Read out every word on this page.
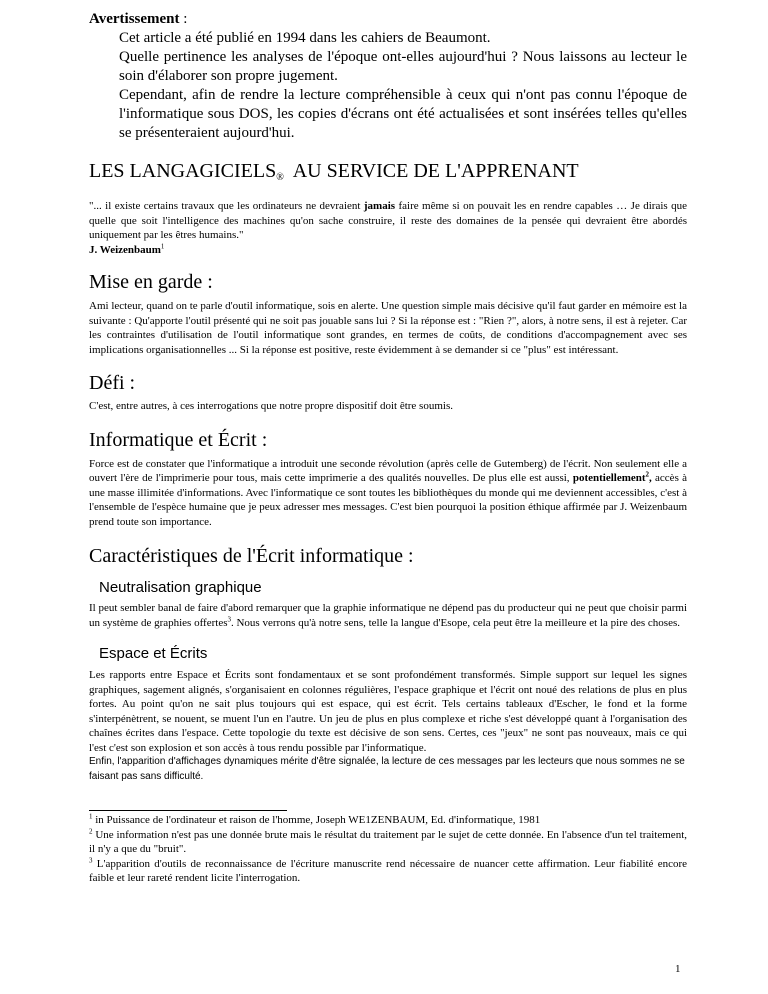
Avertissement :

Cet article a été publié en 1994 dans les cahiers de Beaumont.

Quelle pertinence les analyses de l'époque ont-elles aujourd'hui ? Nous laissons au lecteur le soin d'élaborer son propre jugement.

Cependant, afin de rendre la lecture compréhensible à ceux qui n'ont pas connu l'époque de l'informatique sous DOS, les copies d'écrans ont été actualisées et sont insérées telles qu'elles se présenteraient aujourd'hui.

LES LANGAGICIELS®  AU SERVICE DE L'APPRENANT

"... il existe certains travaux que les ordinateurs ne devraient jamais faire même si on pouvait les en rendre capables … Je dirais que quelle que soit l'intelligence des machines qu'on sache construire, il reste des domaines de la pensée qui devraient être abordés uniquement par les êtres humains."

J. Weizenbaum$^1$

Mise en garde :

Ami lecteur, quand on te parle d'outil informatique, sois en alerte. Une question simple mais décisive qu'il faut garder en mémoire est la suivante : Qu'apporte l'outil présenté qui ne soit pas jouable sans lui ? Si la réponse est : "Rien ?", alors, à notre sens, il est à rejeter. Car les contraintes d'utilisation de l'outil informatique sont grandes, en termes de coûts, de conditions d'accompagnement avec ses implications organisationnelles ... Si la réponse est positive, reste évidemment à se demander si ce "plus" est intéressant.

Défi :

C'est, entre autres, à ces interrogations que notre propre dispositif doit être soumis.

Informatique et Écrit :

Force est de constater que l'informatique a introduit une seconde révolution (après celle de Gutemberg) de l'écrit. Non seulement elle a ouvert l'ère de l'imprimerie pour tous, mais cette imprimerie a des qualités nouvelles. De plus elle est aussi, potentiellement$^2$, accès à une masse illimitée d'informations. Avec l'informatique ce sont toutes les bibliothèques du monde qui me deviennent accessibles, c'est à l'ensemble de l'espèce humaine que je peux adresser mes messages. C'est bien pourquoi la position éthique affirmée par J. Weizenbaum prend toute son importance.

Caractéristiques de l'Écrit informatique :
Neutralisation graphique

Il peut sembler banal de faire d'abord remarquer que la graphie informatique ne dépend pas du producteur qui ne peut que choisir parmi un système de graphies offertes$^3$. Nous verrons qu'à notre sens, telle la langue d'Esope, cela peut être la meilleure et la pire des choses.

Espace et Écrits

Les rapports entre Espace et Écrits sont fondamentaux et se sont profondément transformés. Simple support sur lequel les signes graphiques, sagement alignés, s'organisaient en colonnes régulières, l'espace graphique et l'écrit ont noué des relations de plus en plus fortes. Au point qu'on ne sait plus toujours qui est espace, qui est écrit. Tels certains tableaux d'Escher, le fond et la forme s'interpénètrent, se nouent, se muent l'un en l'autre. Un jeu de plus en plus complexe et riche s'est développé quant à l'organisation des chaînes écrites dans l'espace. Cette topologie du texte est décisive de son sens. Certes, ces "jeux" ne sont pas nouveaux, mais ce qui l'est c'est son explosion et son accès à tous rendu possible par l'informatique.

Enfin, l'apparition d'affichages dynamiques mérite d'être signalée, la lecture de ces messages par les lecteurs que nous sommes ne se faisant pas sans difficulté.

$^1$ in Puissance de l'ordinateur et raison de l'homme, Joseph WE1ZENBAUM, Ed. d'informatique, 1981

$^2$ Une information n'est pas une donnée brute mais le résultat du traitement par le sujet de cette donnée. En l'absence d'un tel traitement, il n'y a que du "bruit".

$^3$ L'apparition d'outils de reconnaissance de l'écriture manuscrite rend nécessaire de nuancer cette affirmation. Leur fiabilité encore faible et leur rareté rendent licite l'interrogation.

1
